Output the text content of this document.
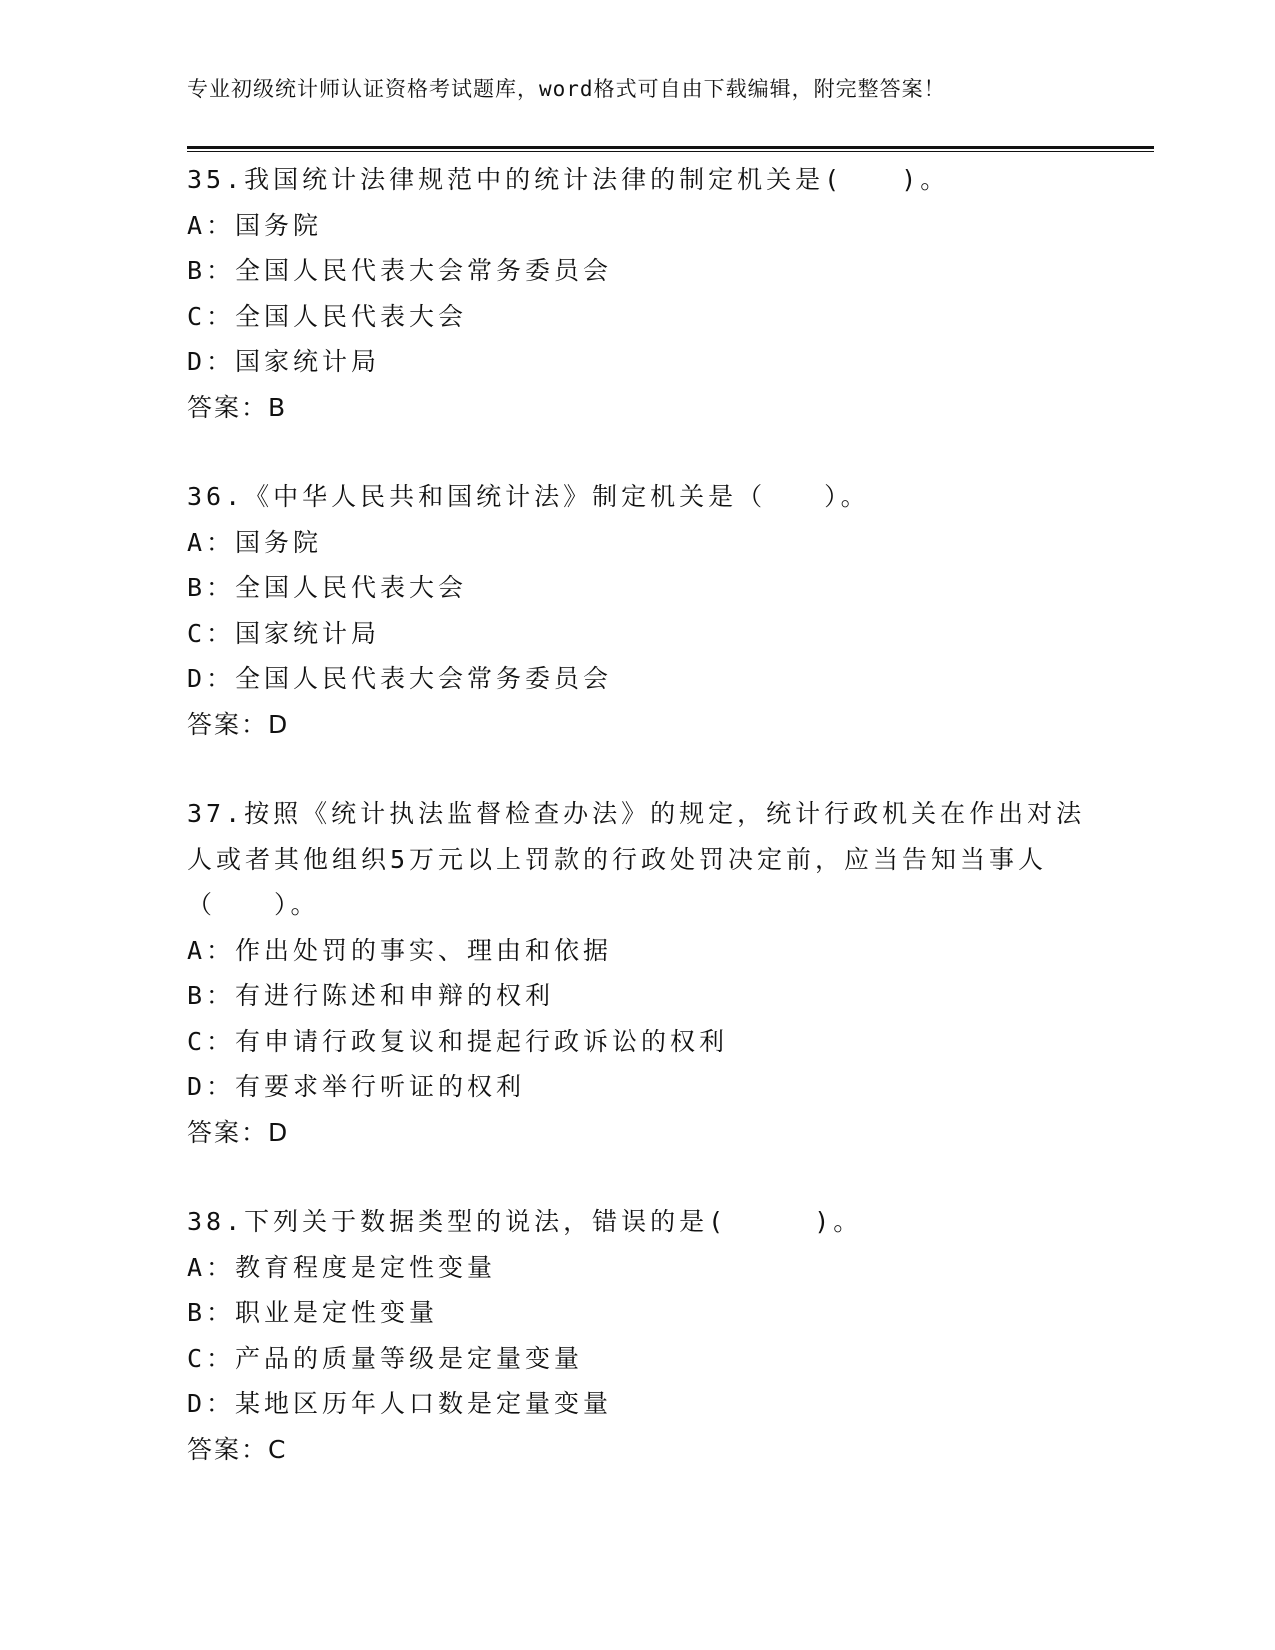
专业初级统计师认证资格考试题库，word格式可自由下载编辑，附完整答案！
35.我国统计法律规范中的统计法律的制定机关是(　　)。
A：国务院
B：全国人民代表大会常务委员会
C：全国人民代表大会
D：国家统计局
答案：B
36.《中华人民共和国统计法》制定机关是（　　）。
A：国务院
B：全国人民代表大会
C：国家统计局
D：全国人民代表大会常务委员会
答案：D
37.按照《统计执法监督检查办法》的规定，统计行政机关在作出对法
人或者其他组织5万元以上罚款的行政处罚决定前，应当告知当事人
（　　）。
A：作出处罚的事实、理由和依据
B：有进行陈述和申辩的权利
C：有申请行政复议和提起行政诉讼的权利
D：有要求举行听证的权利
答案：D
38.下列关于数据类型的说法，错误的是(　　　)。
A：教育程度是定性变量
B：职业是定性变量
C：产品的质量等级是定量变量
D：某地区历年人口数是定量变量
答案：C
